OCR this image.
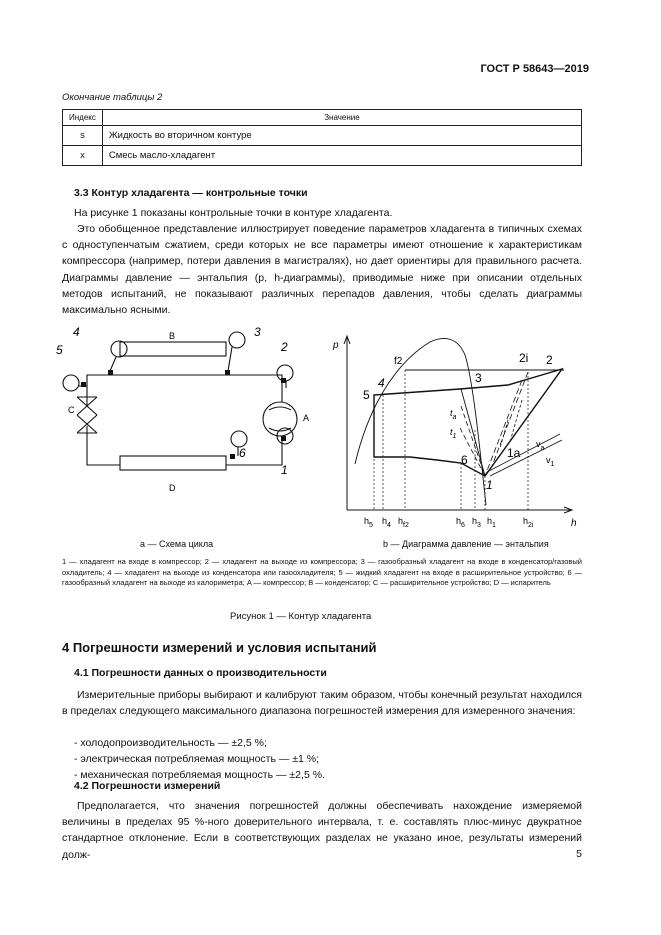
ГОСТ Р 58643—2019
Окончание таблицы 2
Индекс	Значение
s	Жидкость во вторичном контуре
x	Смесь масло-хладагент
3.3 Контур хладагента — контрольные точки
На рисунке 1 показаны контрольные точки в контуре хладагента.
Это обобщенное представление иллюстрирует поведение параметров хладагента в типичных схемах с одноступенчатым сжатием, среди которых не все параметры имеют отношение к характеристикам компрессора (например, потери давления в магистралях), но дает ориентиры для правильного расчета. Диаграммы давление — энтальпия (p, h-диаграммы), приводимые ниже при описании отдельных методов испытаний, не показывают различных перепадов давления, чтобы сделать диаграммы максимально ясными.
B
D
A
C
4
5
3
2
6
1
p
h
f2
5
4	3
2i 2
6	1a
1
$t_a$
$t_1$
$v_a$
$v_1$
$h_5$ $h_4$ $h_{f2}$	$h_6$ $h_3$ $h_1$	$h_{2i}$
a — Схема цикла	b — Диаграмма давление — энтальпия
1 — хладагент на входе в компрессор; 2 — хладагент на выходе из компрессора; 3 — газообразный хладагент на входе в конденсатор/газовый охладитель; 4 — хладагент на выходе из конденсатора или газоохладителя; 5 — жидкий хладагент на входе в расширительное устройство; 6 — газообразный хладагент на выходе из калориметра; A — компрессор; B — конденсатор; C — расширительное устройство; D — испаритель
Рисунок 1 — Контур хладагента
4 Погрешности измерений и условия испытаний
4.1 Погрешности данных о производительности
Измерительные приборы выбирают и калибруют таким образом, чтобы конечный результат находился в пределах следующего максимального диапазона погрешностей измерения для измеренного значения:
- холодопроизводительность — ±2,5 %;
- электрическая потребляемая мощность — ±1 %;
- механическая потребляемая мощность — ±2,5 %.
4.2 Погрешности измерений
Предполагается, что значения погрешностей должны обеспечивать нахождение измеряемой величины в пределах 95 %-ного доверительного интервала, т. е. составлять плюс-минус двукратное стандартное отклонение. Если в соответствующих разделах не указано иное, результаты измерений долж-	5
